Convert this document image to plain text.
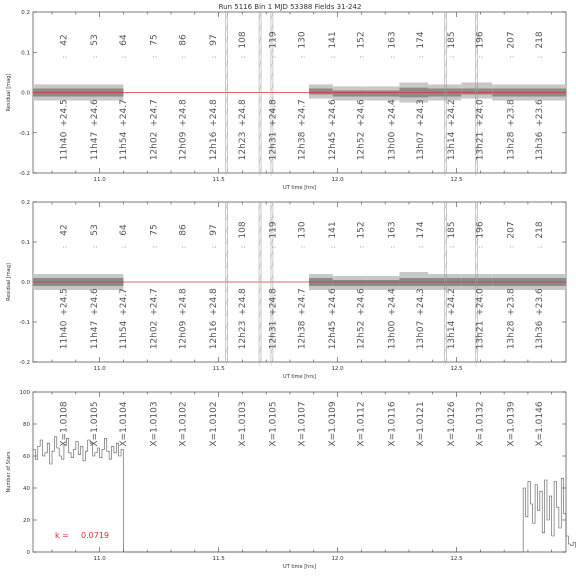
Run 5116 Bin 1 MJD 53388 Fields 31-242
-0.2
-0.1
0.0
0.1
0.2
11.0	11.5	12.0	12.5
UT time [hrs]
Residual [mag]
42
:
11h40
+24.5
53
:
11h47
+24.6
64
:
11h54
+24.7
75
:
12h02
+24.7
86
:
12h09
+24.8
97
:
12h16
+24.8
108
:
12h23
+24.8
119
:
12h31
+24.8
130
:
12h38
+24.7
141
:
12h45
+24.6
152
:
12h52
+24.6
163
:
13h00
+24.4
174
:
13h07
+24.3
185
:
13h14
+24.2
196
:
13h21
+24.0
207
:
13h28
+23.8
218
:
13h36
+23.6
-0.2
-0.1
0.0
0.1
0.2
11.0	11.5	12.0	12.5
UT time [hrs]
Residual [mag]
42
:
11h40
+24.5
53
:
11h47
+24.6
64
:
11h54
+24.7
75
:
12h02
+24.7
86
:
12h09
+24.8
97
:
12h16
+24.8
108
:
12h23
+24.8
119
:
12h31
+24.8
130
:
12h38
+24.7
141
:
12h45
+24.6
152
:
12h52
+24.6
163
:
13h00
+24.4
174
:
13h07
+24.3
185
:
13h14
+24.2
196
:
13h21
+24.0
207
:
13h28
+23.8
218
:
13h36
+23.6
0
20
40
60
80
100
11.0	11.5	12.0	12.5
UT time [hrs]
Number of Stars
X=1.0108 X=1.0105 X=1.0104 X=1.0103 X=1.0102 X=1.0102 X=1.0103 X=1.0105 X=1.0107 X=1.0109 X=1.0112 X=1.0116 X=1.0121 X=1.0126 X=1.0132 X=1.0139 X=1.0146
k = 0.0719
